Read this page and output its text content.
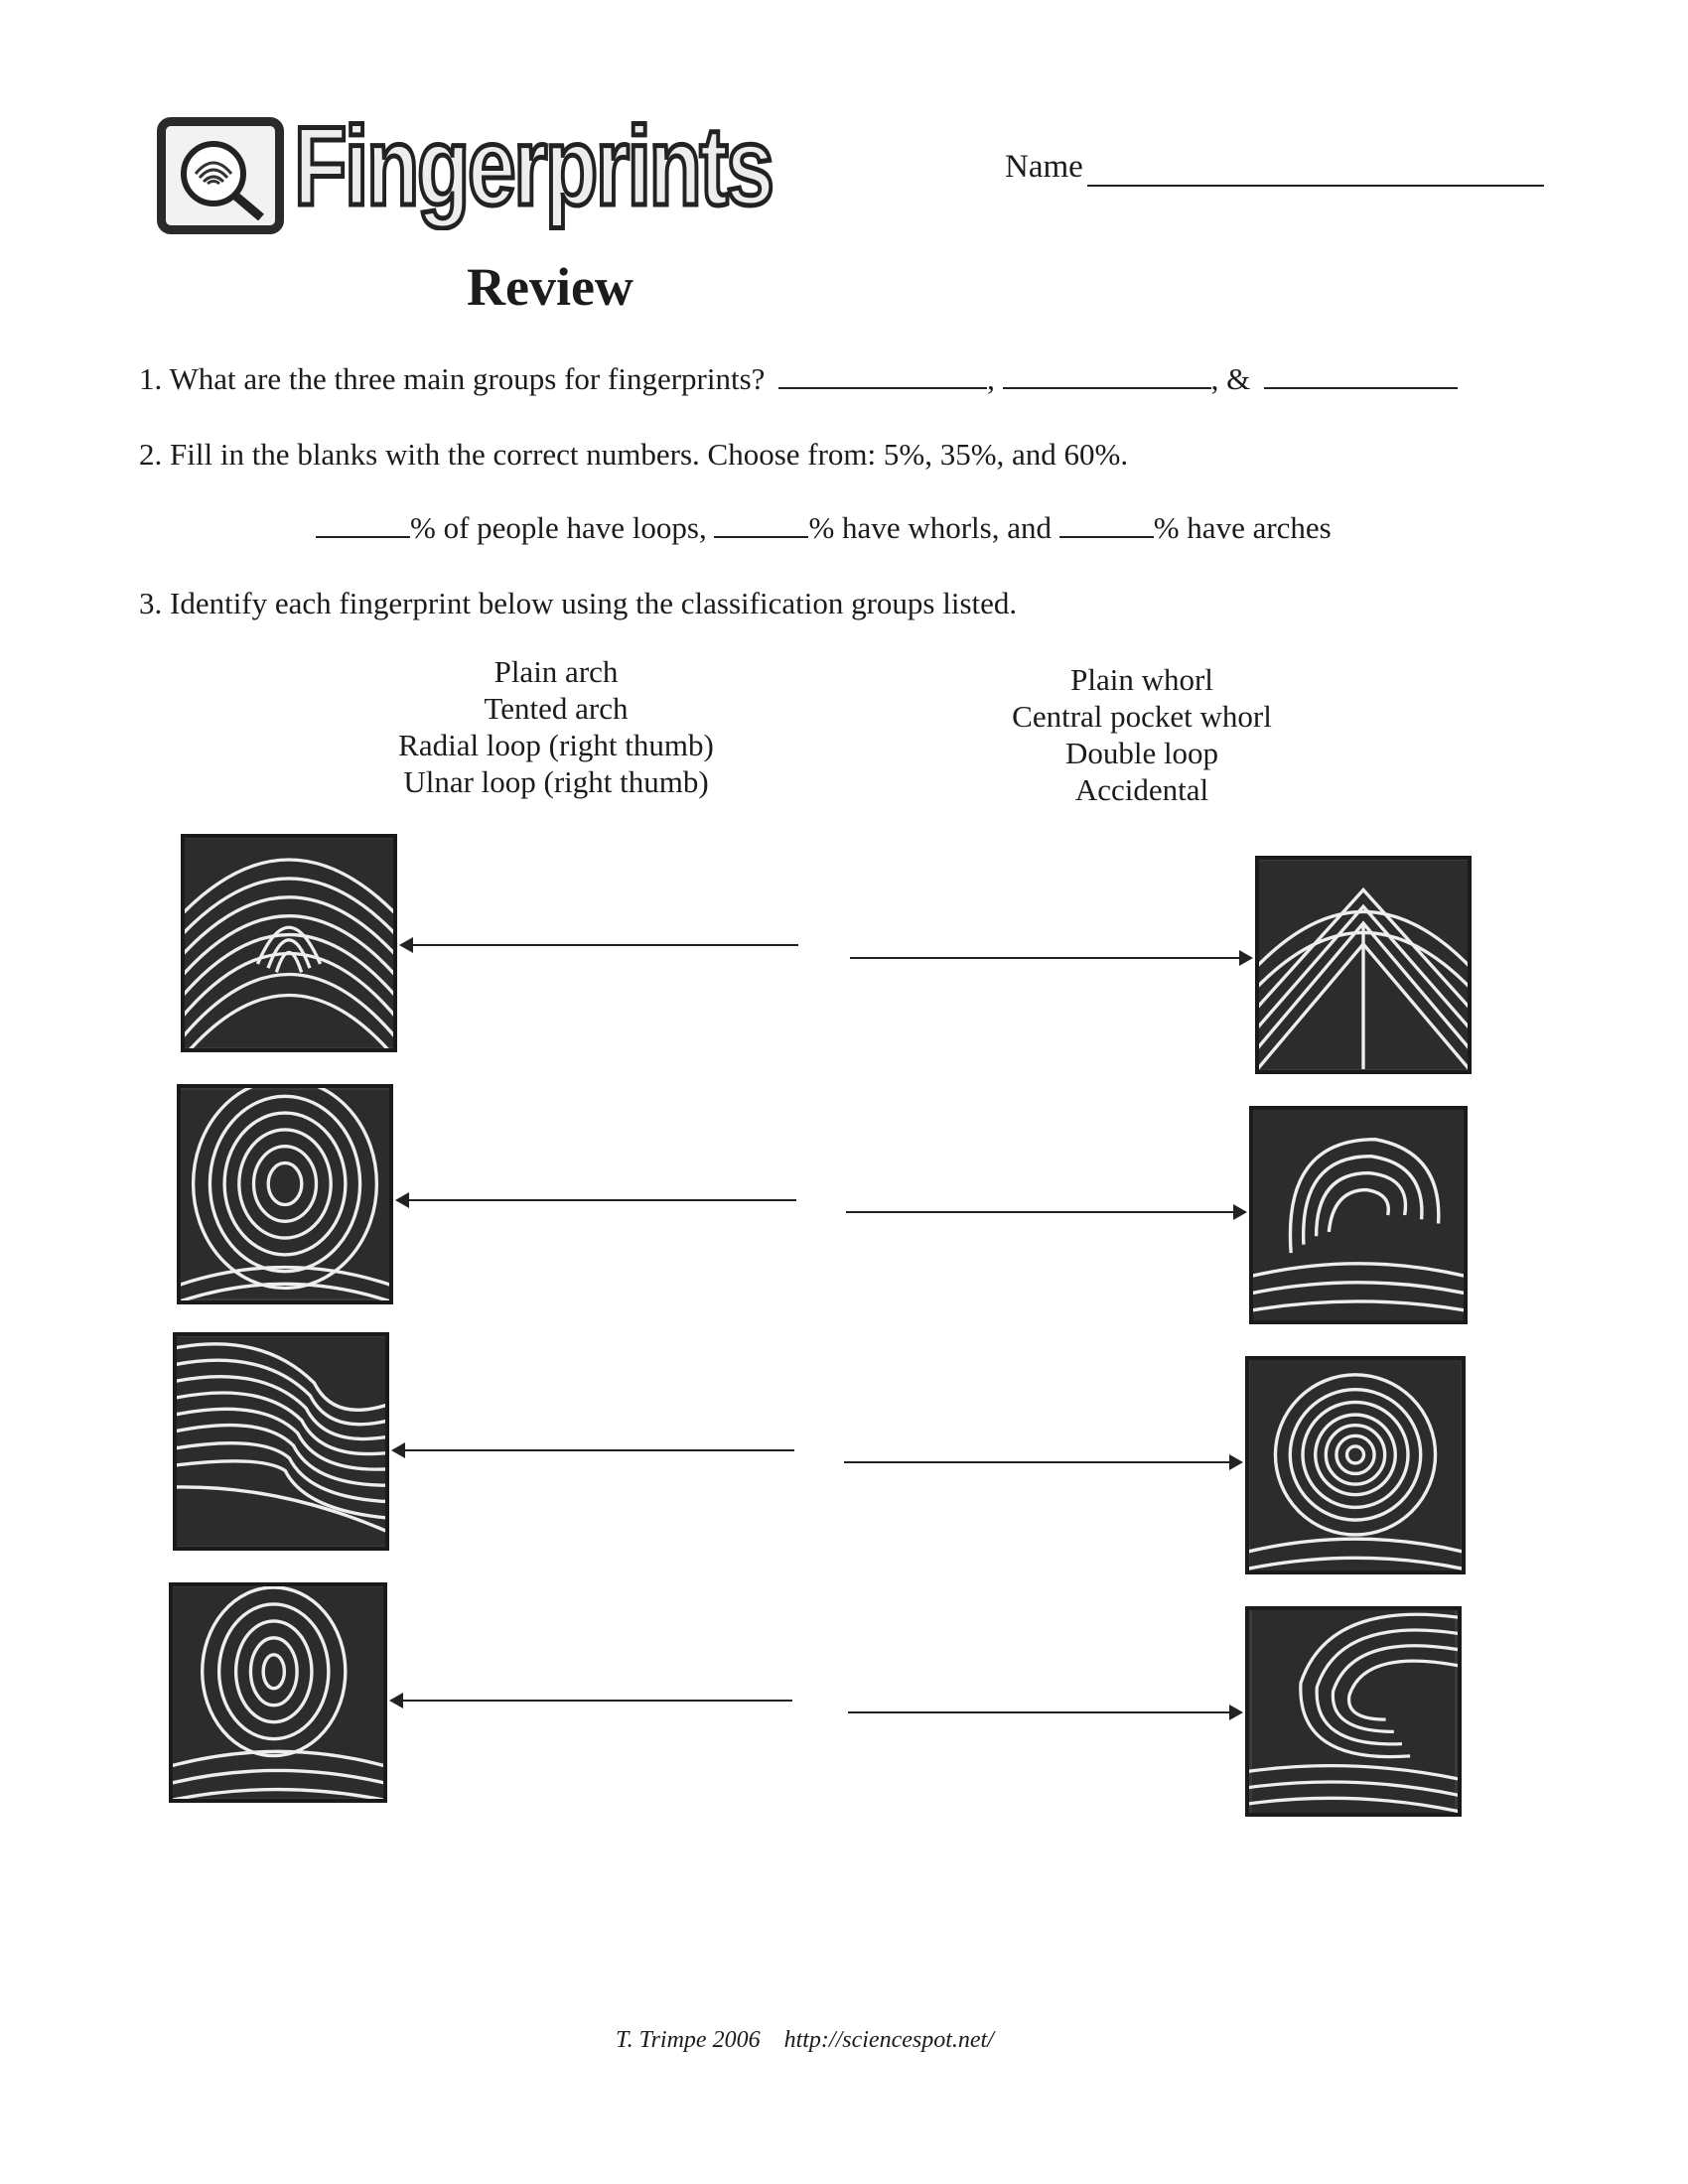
Fingerprints
Review
Name
1. What are the three main groups for fingerprints?	,	, &
2. Fill in the blanks with the correct numbers. Choose from: 5%, 35%, and 60%.
% of people have loops,	% have whorls, and	% have arches
3. Identify each fingerprint below using the classification groups listed.
Plain arch
Tented arch
Radial loop (right thumb)
Ulnar loop (right thumb)
Plain whorl
Central pocket whorl
Double loop
Accidental
T. Trimpe 2006 http://sciencespot.net/
